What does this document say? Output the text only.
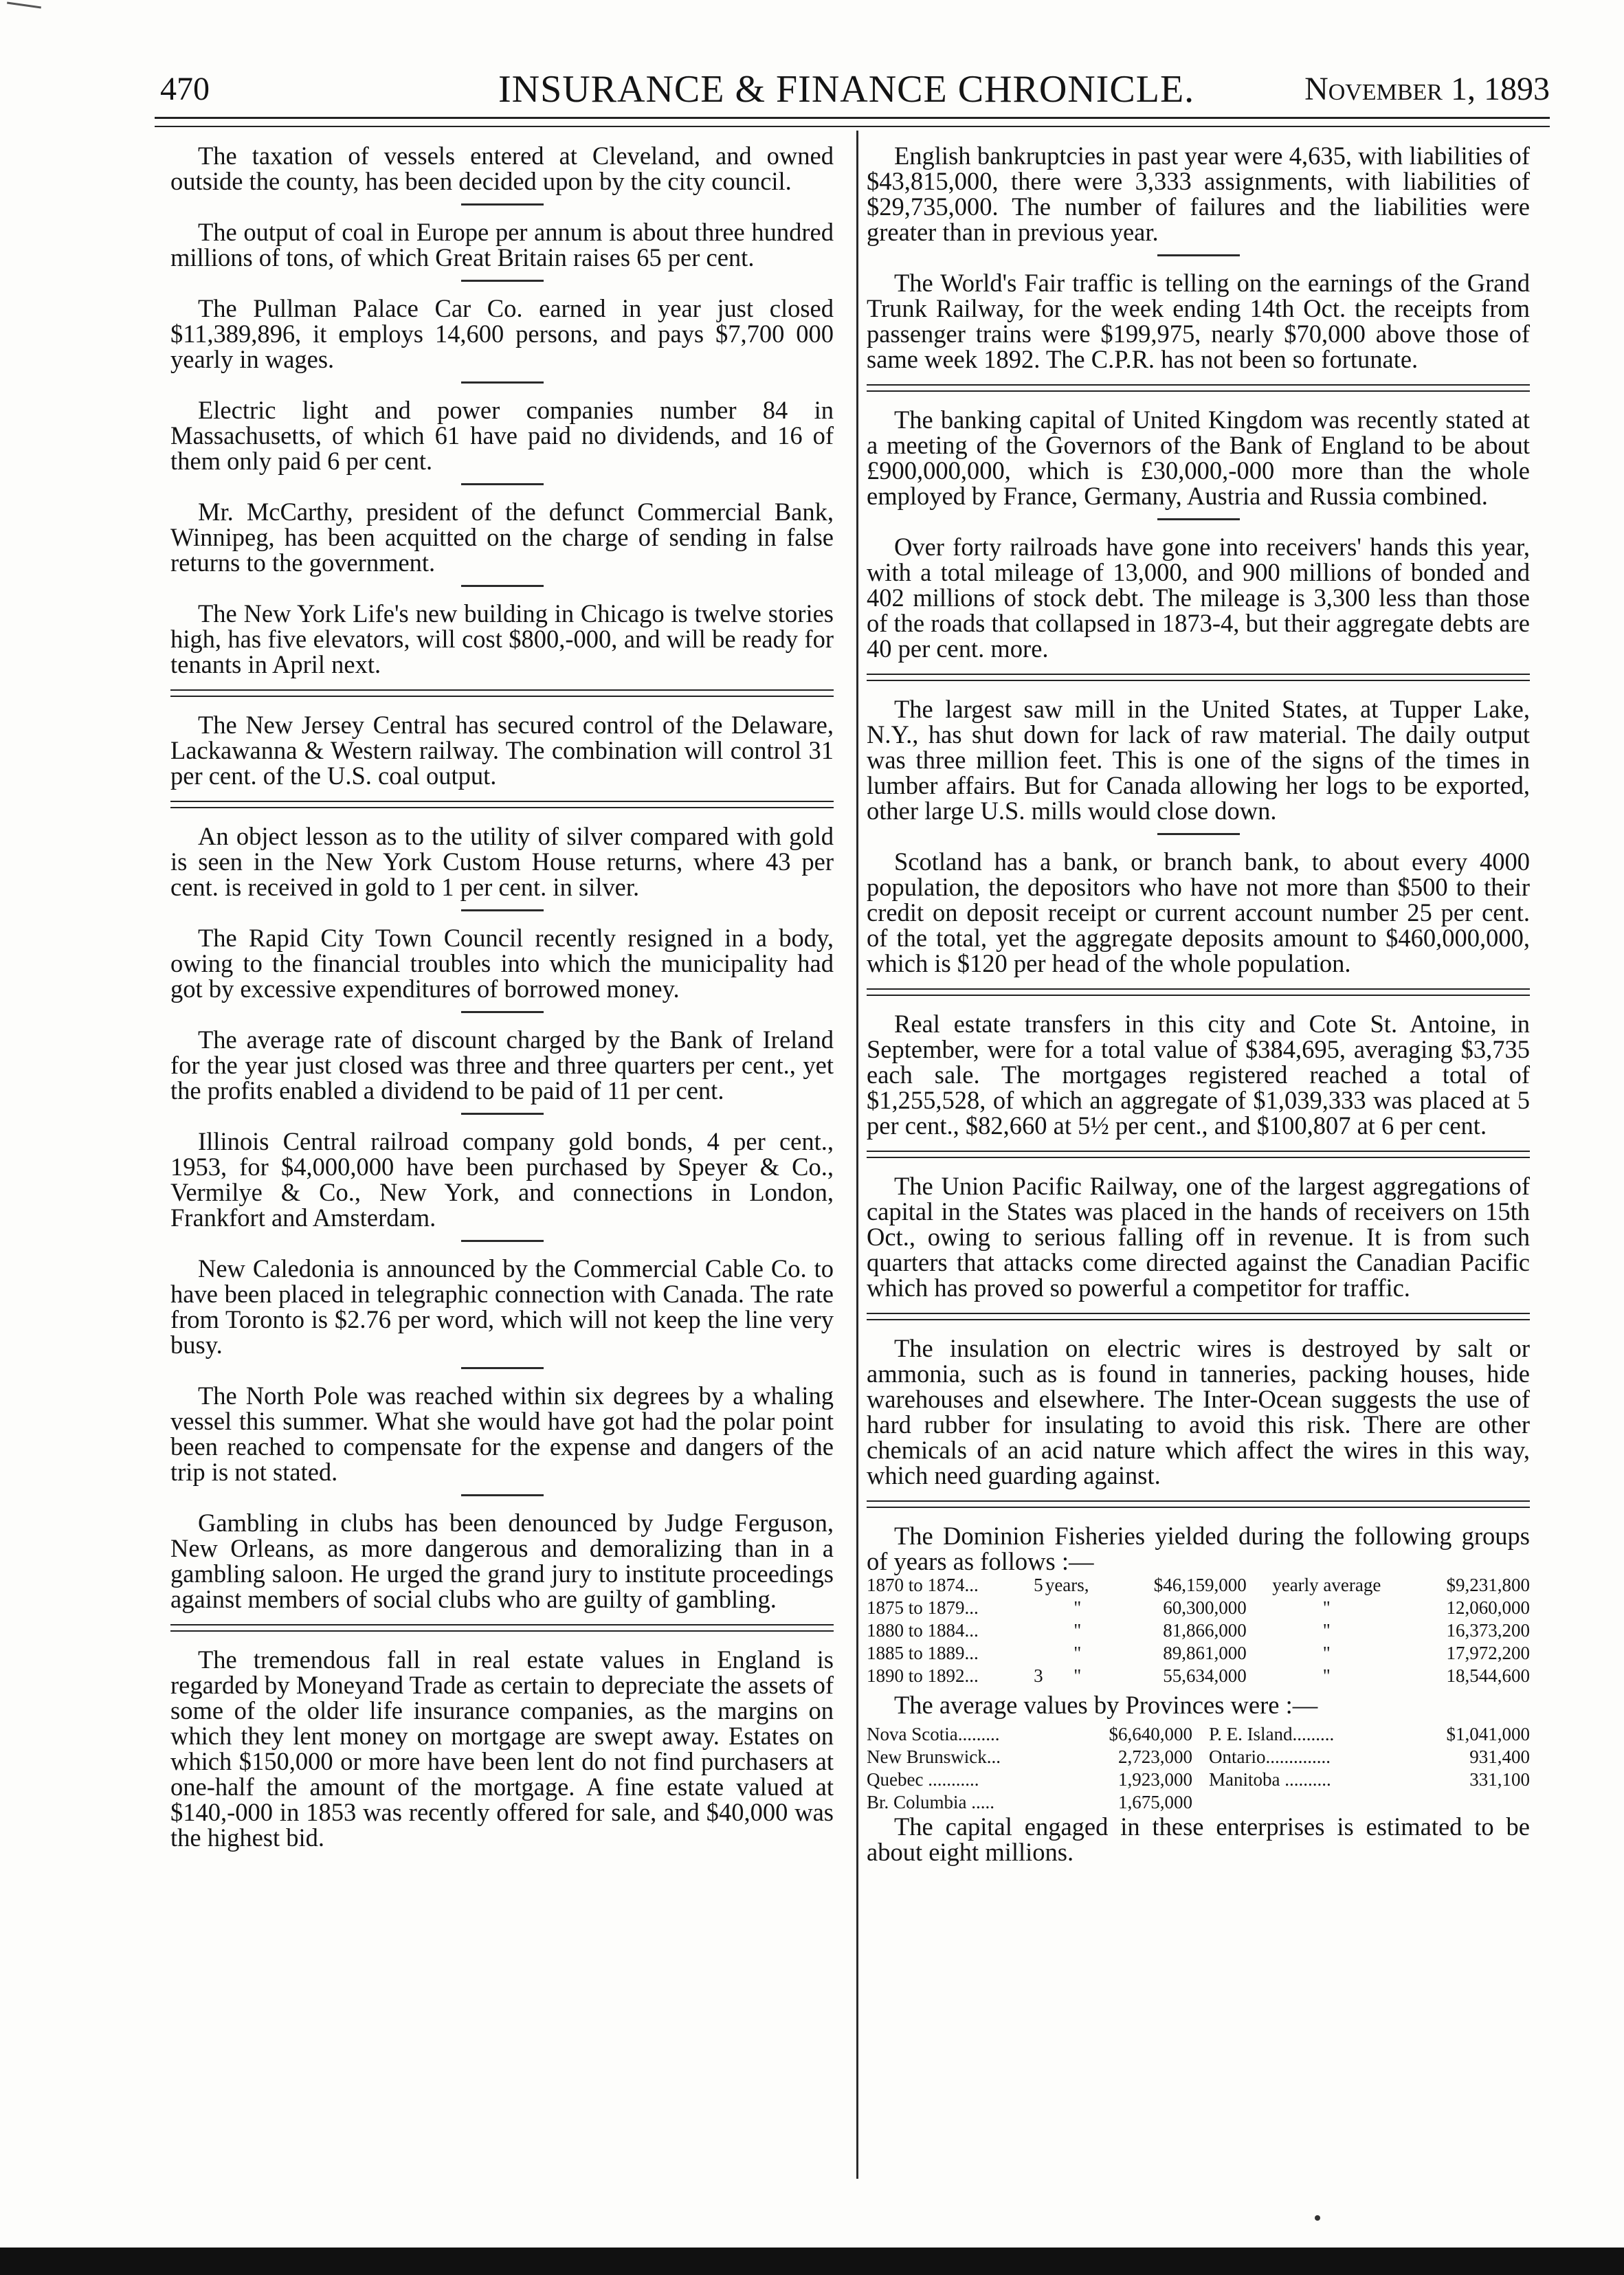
470	INSURANCE & FINANCE CHRONICLE.	November 1, 1893

The taxation of vessels entered at Cleveland, and owned outside the county, has been decided upon by the city council.

The output of coal in Europe per annum is about three hundred millions of tons, of which Great Britain raises 65 per cent.

The Pullman Palace Car Co. earned in year just closed $11,389,896, it employs 14,600 persons, and pays $7,700 000 yearly in wages.

Electric light and power companies number 84 in Massachusetts, of which 61 have paid no dividends, and 16 of them only paid 6 per cent.

Mr. McCarthy, president of the defunct Commercial Bank, Winnipeg, has been acquitted on the charge of sending in false returns to the government.

The New York Life's new building in Chicago is twelve stories high, has five elevators, will cost $800,-000, and will be ready for tenants in April next.

The New Jersey Central has secured control of the Delaware, Lackawanna & Western railway. The combination will control 31 per cent. of the U.S. coal output.

An object lesson as to the utility of silver compared with gold is seen in the New York Custom House returns, where 43 per cent. is received in gold to 1 per cent. in silver.

The Rapid City Town Council recently resigned in a body, owing to the financial troubles into which the municipality had got by excessive expenditures of borrowed money.

The average rate of discount charged by the Bank of Ireland for the year just closed was three and three quarters per cent., yet the profits enabled a dividend to be paid of 11 per cent.

Illinois Central railroad company gold bonds, 4 per cent., 1953, for $4,000,000 have been purchased by Speyer & Co., Vermilye & Co., New York, and connections in London, Frankfort and Amsterdam.

New Caledonia is announced by the Commercial Cable Co. to have been placed in telegraphic connection with Canada. The rate from Toronto is $2.76 per word, which will not keep the line very busy.

The North Pole was reached within six degrees by a whaling vessel this summer. What she would have got had the polar point been reached to compensate for the expense and dangers of the trip is not stated.

Gambling in clubs has been denounced by Judge Ferguson, New Orleans, as more dangerous and demoralizing than in a gambling saloon. He urged the grand jury to institute proceedings against members of social clubs who are guilty of gambling.

The tremendous fall in real estate values in England is regarded by Moneyand Trade as certain to depreciate the assets of some of the older life insurance companies, as the margins on which they lent money on mortgage are swept away. Estates on which $150,000 or more have been lent do not find purchasers at one-half the amount of the mortgage. A fine estate valued at $140,-000 in 1853 was recently offered for sale, and $40,000 was the highest bid.

English bankruptcies in past year were 4,635, with liabilities of $43,815,000, there were 3,333 assignments, with liabilities of $29,735,000. The number of failures and the liabilities were greater than in previous year.

The World's Fair traffic is telling on the earnings of the Grand Trunk Railway, for the week ending 14th Oct. the receipts from passenger trains were $199,975, nearly $70,000 above those of same week 1892. The C.P.R. has not been so fortunate.

The banking capital of United Kingdom was recently stated at a meeting of the Governors of the Bank of England to be about £900,000,000, which is £30,000,-000 more than the whole employed by France, Germany, Austria and Russia combined.

Over forty railroads have gone into receivers' hands this year, with a total mileage of 13,000, and 900 millions of bonded and 402 millions of stock debt. The mileage is 3,300 less than those of the roads that collapsed in 1873-4, but their aggregate debts are 40 per cent. more.

The largest saw mill in the United States, at Tupper Lake, N.Y., has shut down for lack of raw material. The daily output was three million feet. This is one of the signs of the times in lumber affairs. But for Canada allowing her logs to be exported, other large U.S. mills would close down.

Scotland has a bank, or branch bank, to about every 4000 population, the depositors who have not more than $500 to their credit on deposit receipt or current account number 25 per cent. of the total, yet the aggregate deposits amount to $460,000,000, which is $120 per head of the whole population.

Real estate transfers in this city and Cote St. Antoine, in September, were for a total value of $384,695, averaging $3,735 each sale. The mortgages registered reached a total of $1,255,528, of which an aggregate of $1,039,333 was placed at 5 per cent., $82,660 at 5½ per cent., and $100,807 at 6 per cent.

The Union Pacific Railway, one of the largest aggregations of capital in the States was placed in the hands of receivers on 15th Oct., owing to serious falling off in revenue. It is from such quarters that attacks come directed against the Canadian Pacific which has proved so powerful a competitor for traffic.

The insulation on electric wires is destroyed by salt or ammonia, such as is found in tanneries, packing houses, hide warehouses and elsewhere. The Inter-Ocean suggests the use of hard rubber for insulating to avoid this risk. There are other chemicals of an acid nature which affect the wires in this way, which need guarding against.

The Dominion Fisheries yielded during the following groups of years as follows :—

1870 to 1874...	5	years,	$46,159,000	yearly average	$9,231,800
1875 to 1879...		"	60,300,000	"	12,060,000
1880 to 1884...		"	81,866,000	"	16,373,200
1885 to 1889...		"	89,861,000	"	17,972,200
1890 to 1892...	3	"	55,634,000	"	18,544,600

The average values by Provinces were :—

Nova Scotia.........	$6,640,000	P. E. Island.........	$1,041,000
New Brunswick...	2,723,000	Ontario..............	931,400
Quebec ...........	1,923,000	Manitoba ..........	331,100
Br. Columbia .....	1,675,000		

The capital engaged in these enterprises is estimated to be about eight millions.
